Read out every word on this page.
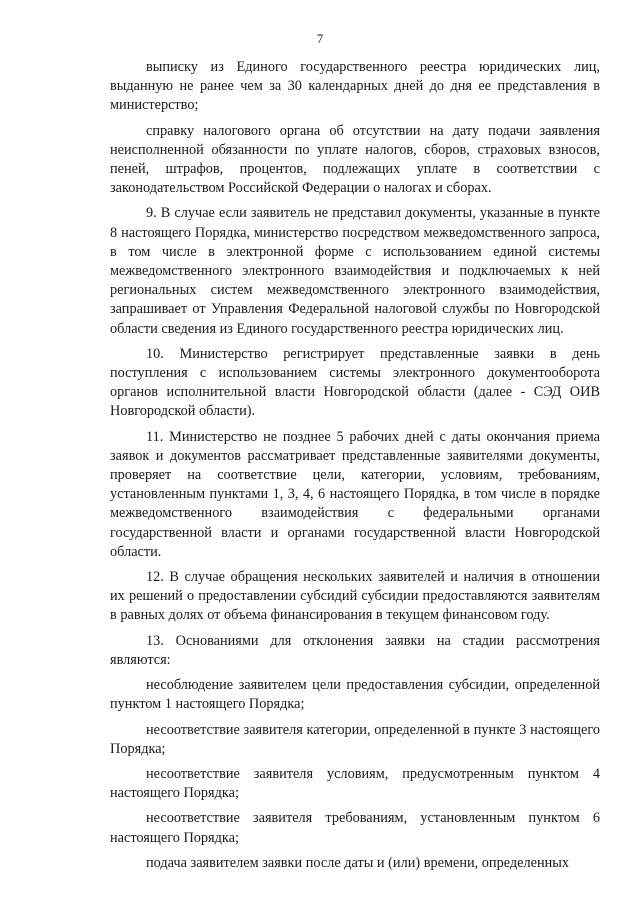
7

выписку из Единого государственного реестра юридических лиц, выданную не ранее чем за 30 календарных дней до дня ее представления в министерство;

справку налогового органа об отсутствии на дату подачи заявления неисполненной обязанности по уплате налогов, сборов, страховых взносов, пеней, штрафов, процентов, подлежащих уплате в соответствии с законодательством Российской Федерации о налогах и сборах.

9. В случае если заявитель не представил документы, указанные в пункте 8 настоящего Порядка, министерство посредством межведомственного запроса, в том числе в электронной форме с использованием единой системы межведомственного электронного взаимодействия и подключаемых к ней региональных систем межведомственного электронного взаимодействия, запрашивает от Управления Федеральной налоговой службы по Новгородской области сведения из Единого государственного реестра юридических лиц.

10. Министерство регистрирует представленные заявки в день поступления с использованием системы электронного документооборота органов исполнительной власти Новгородской области (далее - СЭД ОИВ Новгородской области).

11. Министерство не позднее 5 рабочих дней с даты окончания приема заявок и документов рассматривает представленные заявителями документы, проверяет на соответствие цели, категории, условиям, требованиям, установленным пунктами 1, 3, 4, 6 настоящего Порядка, в том числе в порядке межведомственного взаимодействия с федеральными органами государственной власти и органами государственной власти Новгородской области.

12. В случае обращения нескольких заявителей и наличия в отношении их решений о предоставлении субсидий субсидии предоставляются заявителям в равных долях от объема финансирования в текущем финансовом году.

13. Основаниями для отклонения заявки на стадии рассмотрения являются:

несоблюдение заявителем цели предоставления субсидии, определенной пунктом 1 настоящего Порядка;

несоответствие заявителя категории, определенной в пункте 3 настоящего Порядка;

несоответствие заявителя условиям, предусмотренным пунктом 4 настоящего Порядка;

несоответствие заявителя требованиям, установленным пунктом 6 настоящего Порядка;

подача заявителем заявки после даты и (или) времени, определенных
